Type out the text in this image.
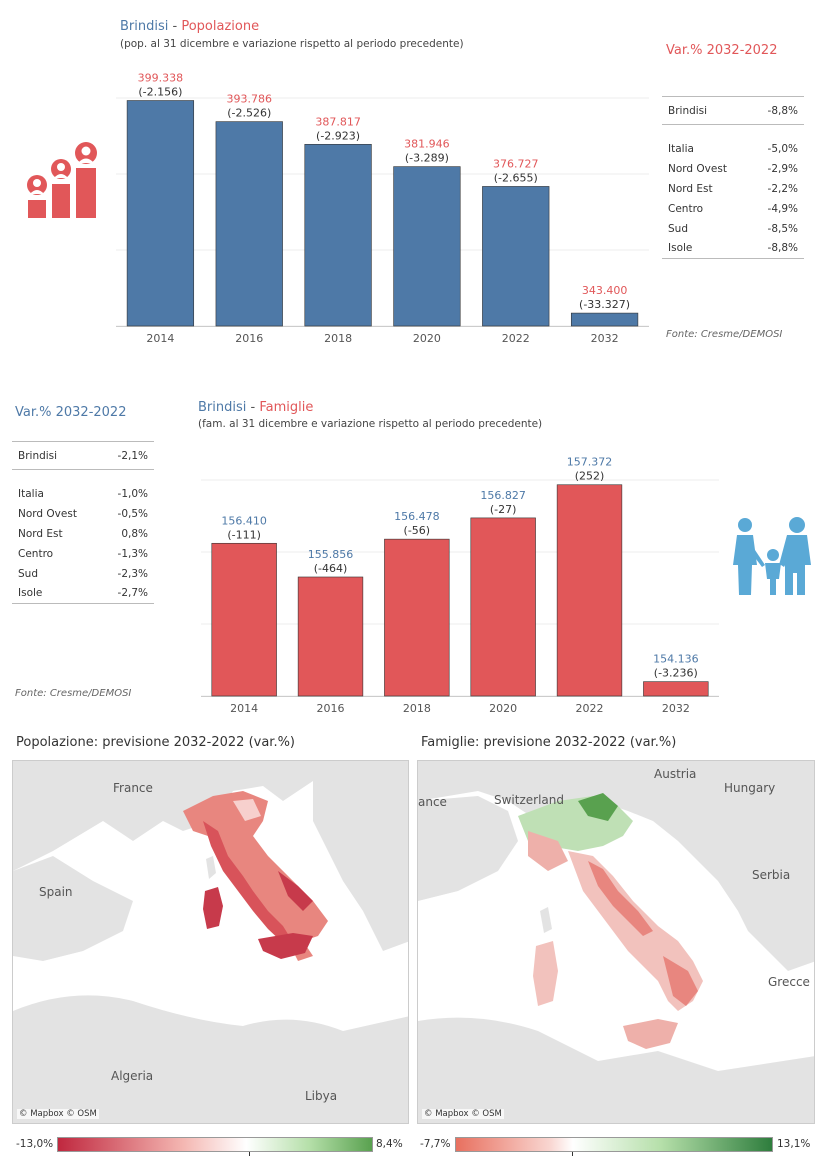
Brindisi - Popolazione
(pop. al 31 dicembre e variazione rispetto al periodo precedente)
399.338
(-2.156)
2014
393.786
(-2.526)
2016
387.817
(-2.923)
2018
381.946
(-3.289)
2020
376.727
(-2.655)
2022
343.400
(-33.327)
2032
Var.% 2032-2022
Brindisi	-8,8%

Italia	-5,0%
Nord Ovest	-2,9%
Nord Est	-2,2%
Centro	-4,9%
Sud	-8,5%
Isole	-8,8%
Fonte: Cresme/DEMOSI
Var.% 2032-2022
Brindisi	-2,1%

Italia	-1,0%
Nord Ovest	-0,5%
Nord Est	0,8%
Centro	-1,3%
Sud	-2,3%
Isole	-2,7%
Fonte: Cresme/DEMOSI
Brindisi - Famiglie
(fam. al 31 dicembre e variazione rispetto al periodo precedente)
156.410
(-111)
2014
155.856
(-464)
2016
156.478
(-56)
2018
156.827
(-27)
2020
157.372
(252)
2022
154.136
(-3.236)
2032
Popolazione: previsione 2032-2022 (var.%)	Famiglie: previsione 2032-2022 (var.%)
France
Spain
Algeria
Libya
© Mapbox © OSM
Austria
Switzerland
ance
Hungary
Serbia
Grecce
© Mapbox © OSM
-13,0%	8,4% -7,7%	13,1%
